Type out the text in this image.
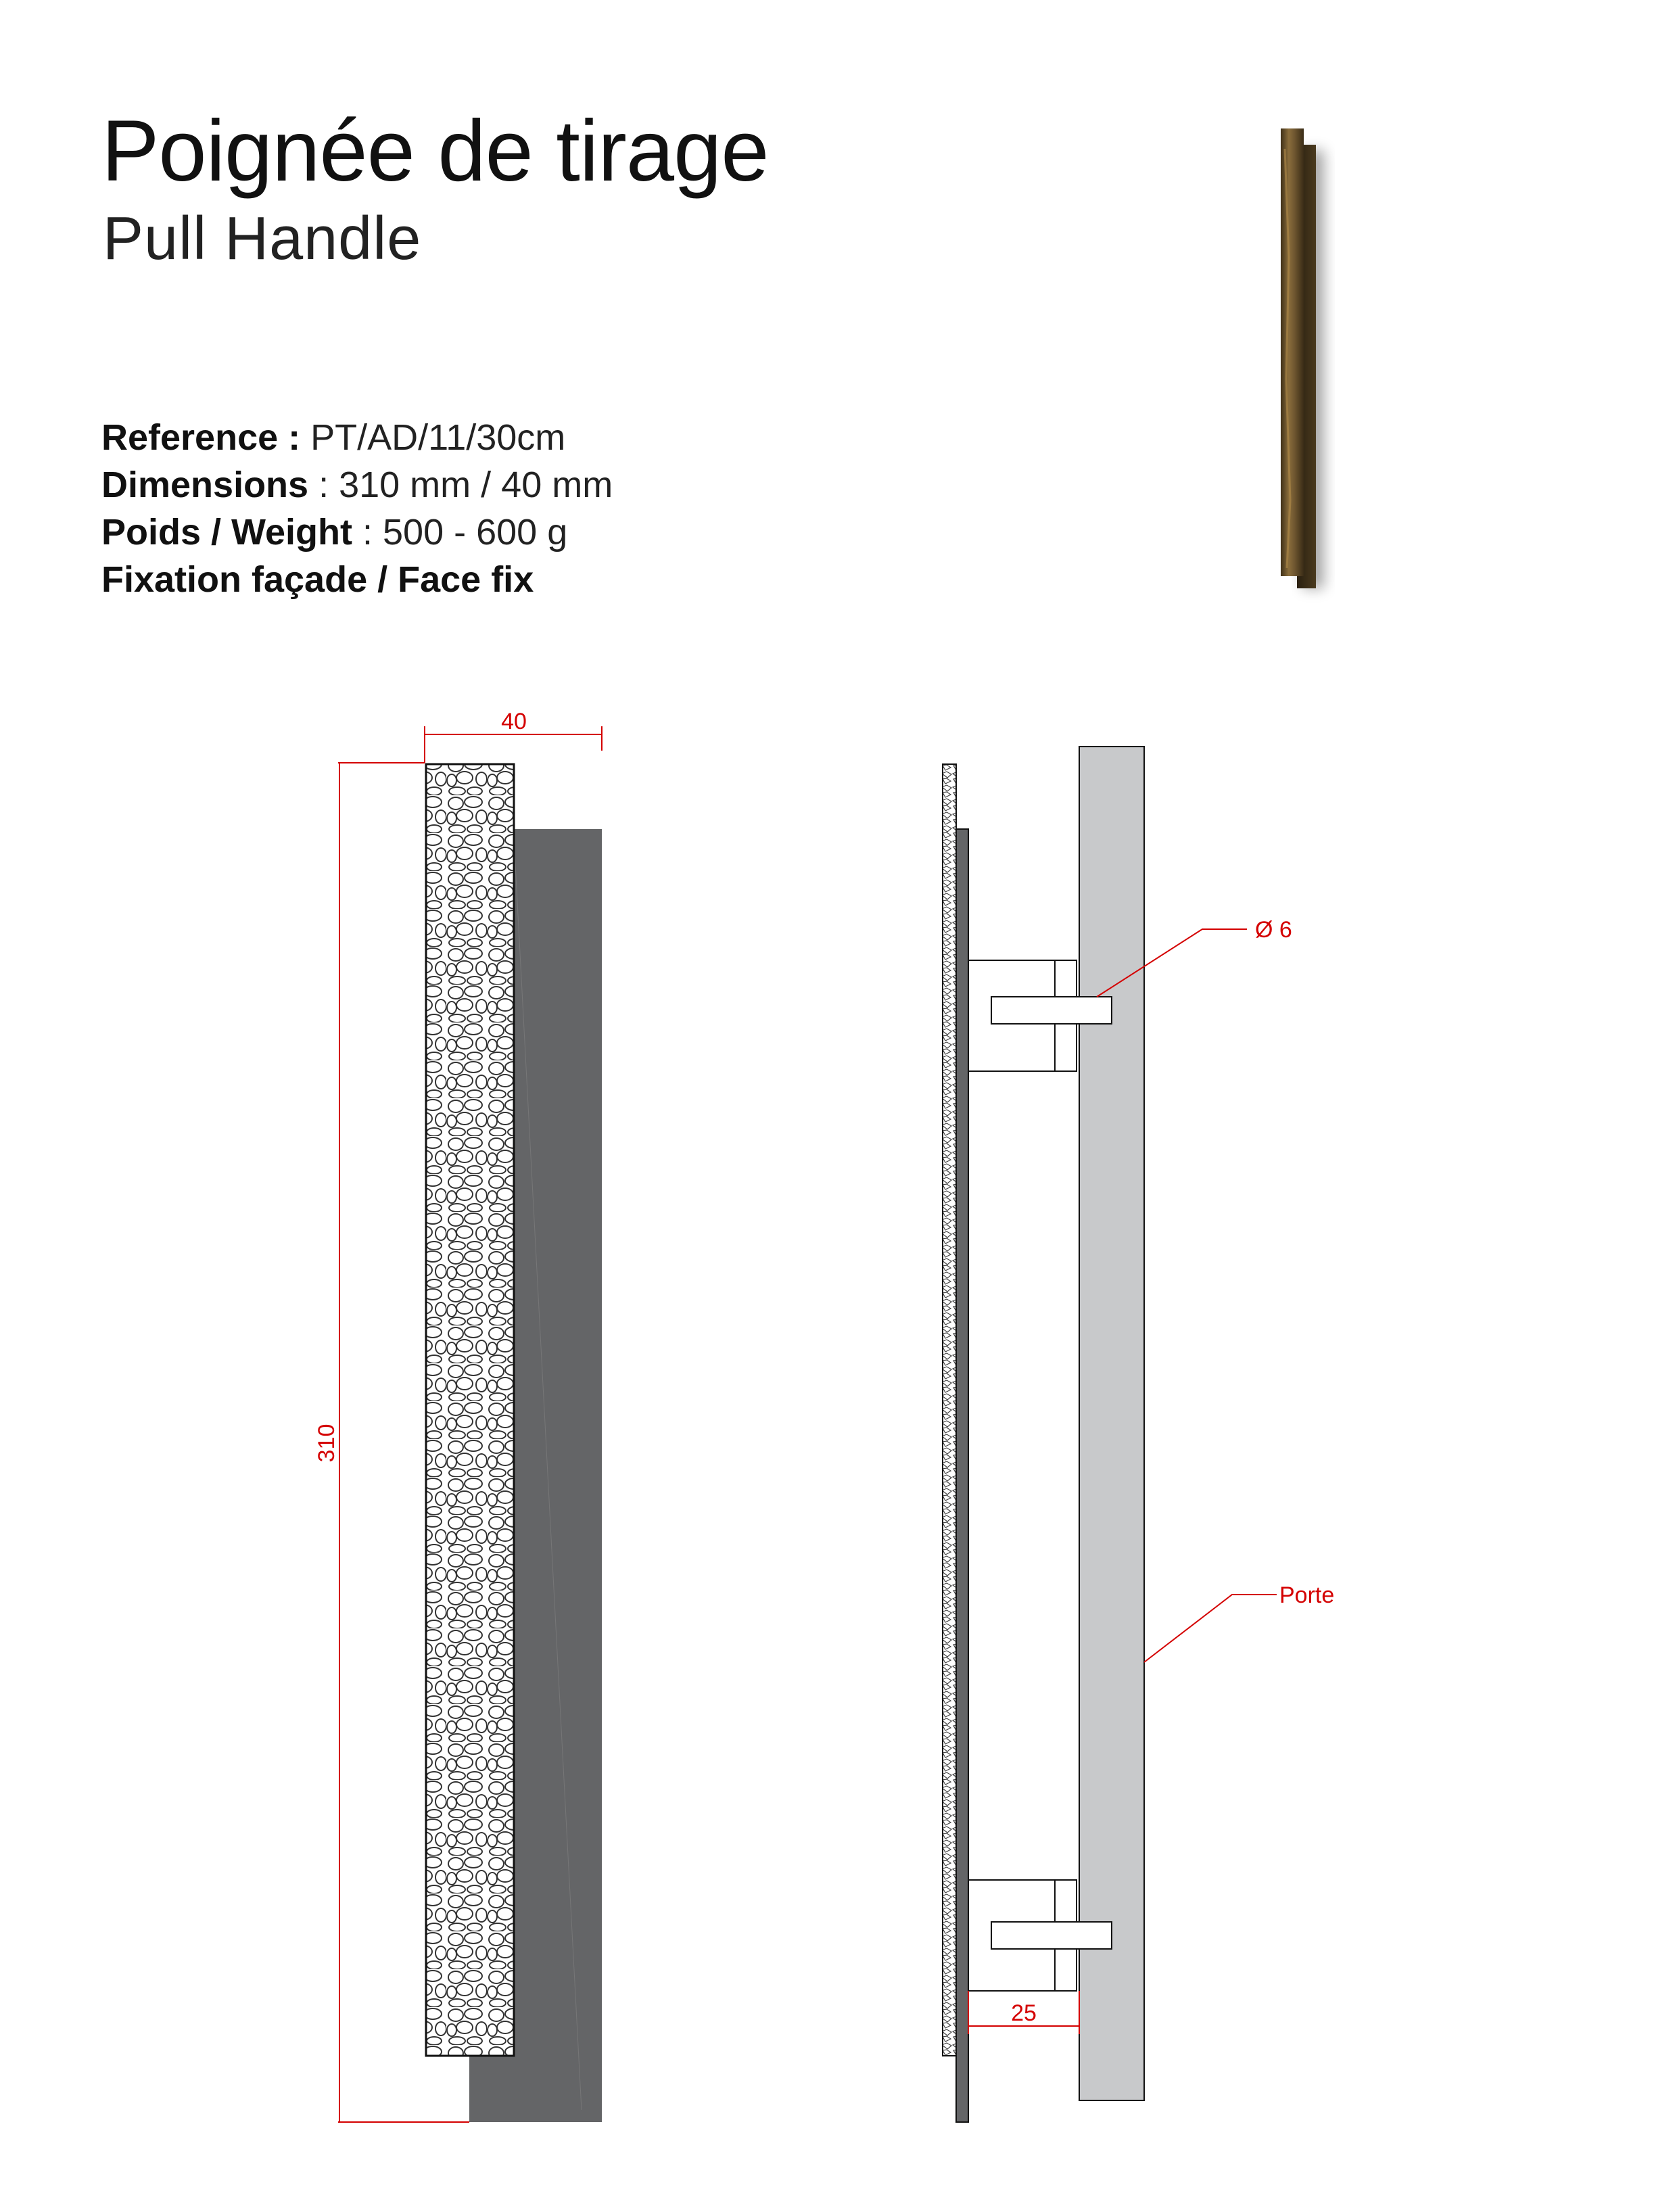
Poignée de tirage
Pull Handle
Reference : PT/AD/11/30cm
Dimensions : 310 mm / 40 mm
Poids / Weight : 500 - 600 g
Fixation façade / Face fix
40
310
Ø 6
Porte
25
